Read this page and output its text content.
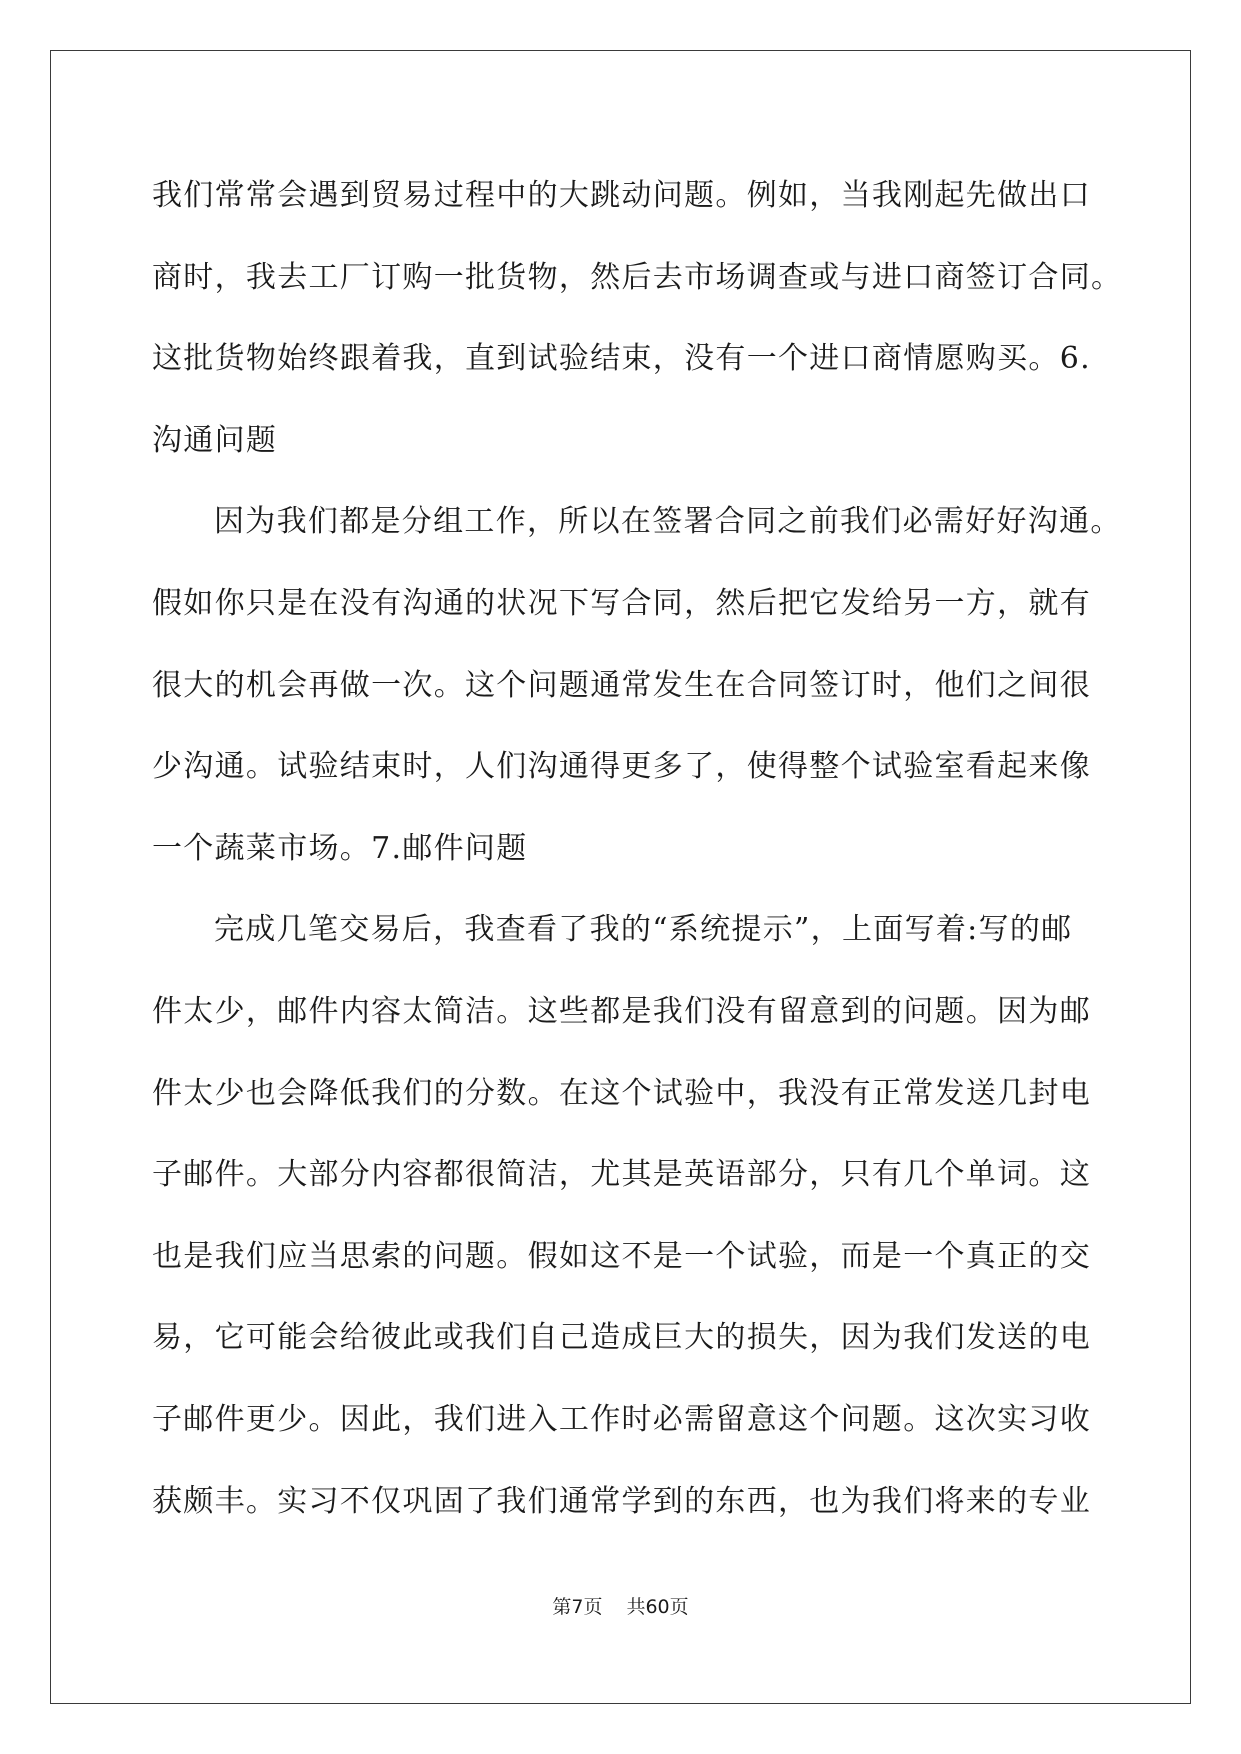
我们常常会遇到贸易过程中的大跳动问题。例如，当我刚起先做出口
商时，我去工厂订购一批货物，然后去市场调查或与进口商签订合同。
这批货物始终跟着我，直到试验结束，没有一个进口商情愿购买。6.
沟通问题
因为我们都是分组工作，所以在签署合同之前我们必需好好沟通。
假如你只是在没有沟通的状况下写合同，然后把它发给另一方，就有
很大的机会再做一次。这个问题通常发生在合同签订时，他们之间很
少沟通。试验结束时，人们沟通得更多了，使得整个试验室看起来像
一个蔬菜市场。7.邮件问题
完成几笔交易后，我查看了我的“系统提示”，上面写着:写的邮
件太少，邮件内容太简洁。这些都是我们没有留意到的问题。因为邮
件太少也会降低我们的分数。在这个试验中，我没有正常发送几封电
子邮件。大部分内容都很简洁，尤其是英语部分，只有几个单词。这
也是我们应当思索的问题。假如这不是一个试验，而是一个真正的交
易，它可能会给彼此或我们自己造成巨大的损失，因为我们发送的电
子邮件更少。因此，我们进入工作时必需留意这个问题。这次实习收
获颇丰。实习不仅巩固了我们通常学到的东西，也为我们将来的专业
第7页 共60页
